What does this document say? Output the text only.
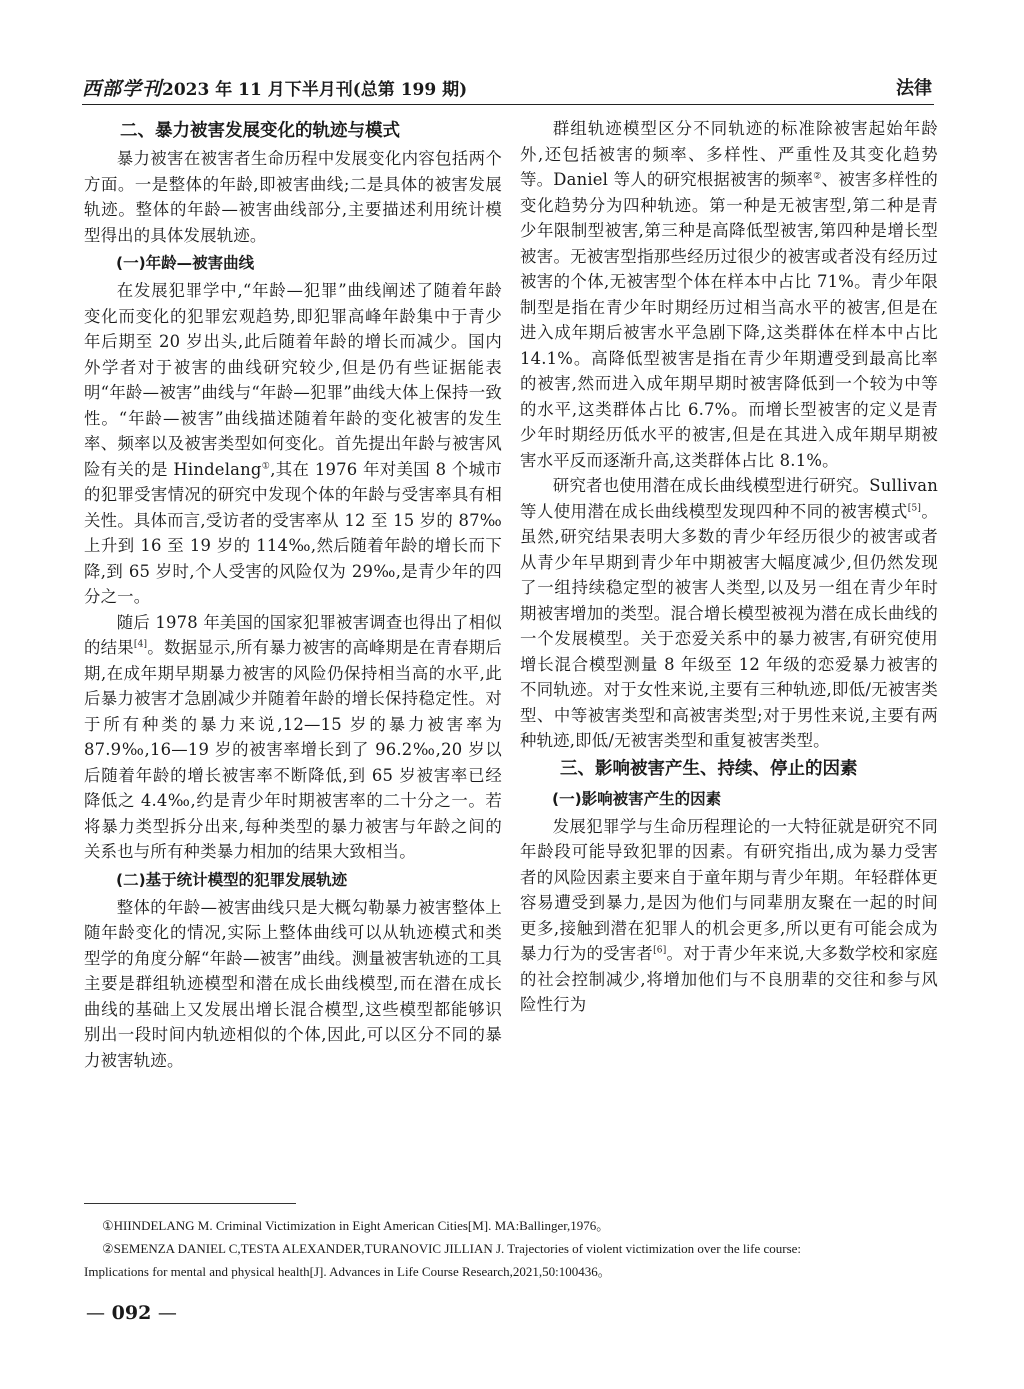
西部学刊2023 年 11 月下半月刊(总第 199 期)	法律
二、暴力被害发展变化的轨迹与模式

暴力被害在被害者生命历程中发展变化内容包括两个方面。一是整体的年龄,即被害曲线;二是具体的被害发展轨迹。整体的年龄—被害曲线部分,主要描述利用统计模型得出的具体发展轨迹。

(一)年龄—被害曲线

在发展犯罪学中,“年龄—犯罪”曲线阐述了随着年龄变化而变化的犯罪宏观趋势,即犯罪高峰年龄集中于青少年后期至 20 岁出头,此后随着年龄的增长而减少。国内外学者对于被害的曲线研究较少,但是仍有些证据能表明“年龄—被害”曲线与“年龄—犯罪”曲线大体上保持一致性。“年龄—被害”曲线描述随着年龄的变化被害的发生率、频率以及被害类型如何变化。首先提出年龄与被害风险有关的是 Hindelang①,其在 1976 年对美国 8 个城市的犯罪受害情况的研究中发现个体的年龄与受害率具有相关性。具体而言,受访者的受害率从 12 至 15 岁的 87‰上升到 16 至 19 岁的 114‰,然后随着年龄的增长而下降,到 65 岁时,个人受害的风险仅为 29‰,是青少年的四分之一。

随后 1978 年美国的国家犯罪被害调查也得出了相似的结果[4]。数据显示,所有暴力被害的高峰期是在青春期后期,在成年期早期暴力被害的风险仍保持相当高的水平,此后暴力被害才急剧减少并随着年龄的增长保持稳定性。对于所有种类的暴力来说,12—15 岁的暴力被害率为 87.9‰,16—19 岁的被害率增长到了 96.2‰,20 岁以后随着年龄的增长被害率不断降低,到 65 岁被害率已经降低之 4.4‰,约是青少年时期被害率的二十分之一。若将暴力类型拆分出来,每种类型的暴力被害与年龄之间的关系也与所有种类暴力相加的结果大致相当。

(二)基于统计模型的犯罪发展轨迹

整体的年龄—被害曲线只是大概勾勒暴力被害整体上随年龄变化的情况,实际上整体曲线可以从轨迹模式和类型学的角度分解“年龄—被害”曲线。测量被害轨迹的工具主要是群组轨迹模型和潜在成长曲线模型,而在潜在成长曲线的基础上又发展出增长混合模型,这些模型都能够识别出一段时间内轨迹相似的个体,因此,可以区分不同的暴力被害轨迹。

群组轨迹模型区分不同轨迹的标准除被害起始年龄外,还包括被害的频率、多样性、严重性及其变化趋势等。Daniel 等人的研究根据被害的频率②、被害多样性的变化趋势分为四种轨迹。第一种是无被害型,第二种是青少年限制型被害,第三种是高降低型被害,第四种是增长型被害。无被害型指那些经历过很少的被害或者没有经历过被害的个体,无被害型个体在样本中占比 71%。青少年限制型是指在青少年时期经历过相当高水平的被害,但是在进入成年期后被害水平急剧下降,这类群体在样本中占比 14.1%。高降低型被害是指在青少年期遭受到最高比率的被害,然而进入成年期早期时被害降低到一个较为中等的水平,这类群体占比 6.7%。而增长型被害的定义是青少年时期经历低水平的被害,但是在其进入成年期早期被害水平反而逐渐升高,这类群体占比 8.1%。

研究者也使用潜在成长曲线模型进行研究。Sullivan 等人使用潜在成长曲线模型发现四种不同的被害模式[5]。虽然,研究结果表明大多数的青少年经历很少的被害或者从青少年早期到青少年中期被害大幅度减少,但仍然发现了一组持续稳定型的被害人类型,以及另一组在青少年时期被害增加的类型。混合增长模型被视为潜在成长曲线的一个发展模型。关于恋爱关系中的暴力被害,有研究使用增长混合模型测量 8 年级至 12 年级的恋爱暴力被害的不同轨迹。对于女性来说,主要有三种轨迹,即低/无被害类型、中等被害类型和高被害类型;对于男性来说,主要有两种轨迹,即低/无被害类型和重复被害类型。

三、影响被害产生、持续、停止的因素
(一)影响被害产生的因素

发展犯罪学与生命历程理论的一大特征就是研究不同年龄段可能导致犯罪的因素。有研究指出,成为暴力受害者的风险因素主要来自于童年期与青少年期。年轻群体更容易遭受到暴力,是因为他们与同辈朋友聚在一起的时间更多,接触到潜在犯罪人的机会更多,所以更有可能会成为暴力行为的受害者[6]。对于青少年来说,大多数学校和家庭的社会控制减少,将增加他们与不良朋辈的交往和参与风险性行为

①HIINDELANG M. Criminal Victimization in Eight American Cities[M]. MA:Ballinger,1976。

②SEMENZA DANIEL C,TESTA ALEXANDER,TURANOVIC JILLIAN J. Trajectories of violent victimization over the life course:

Implications for mental and physical health[J]. Advances in Life Course Research,2021,50:100436。

— 092 —
